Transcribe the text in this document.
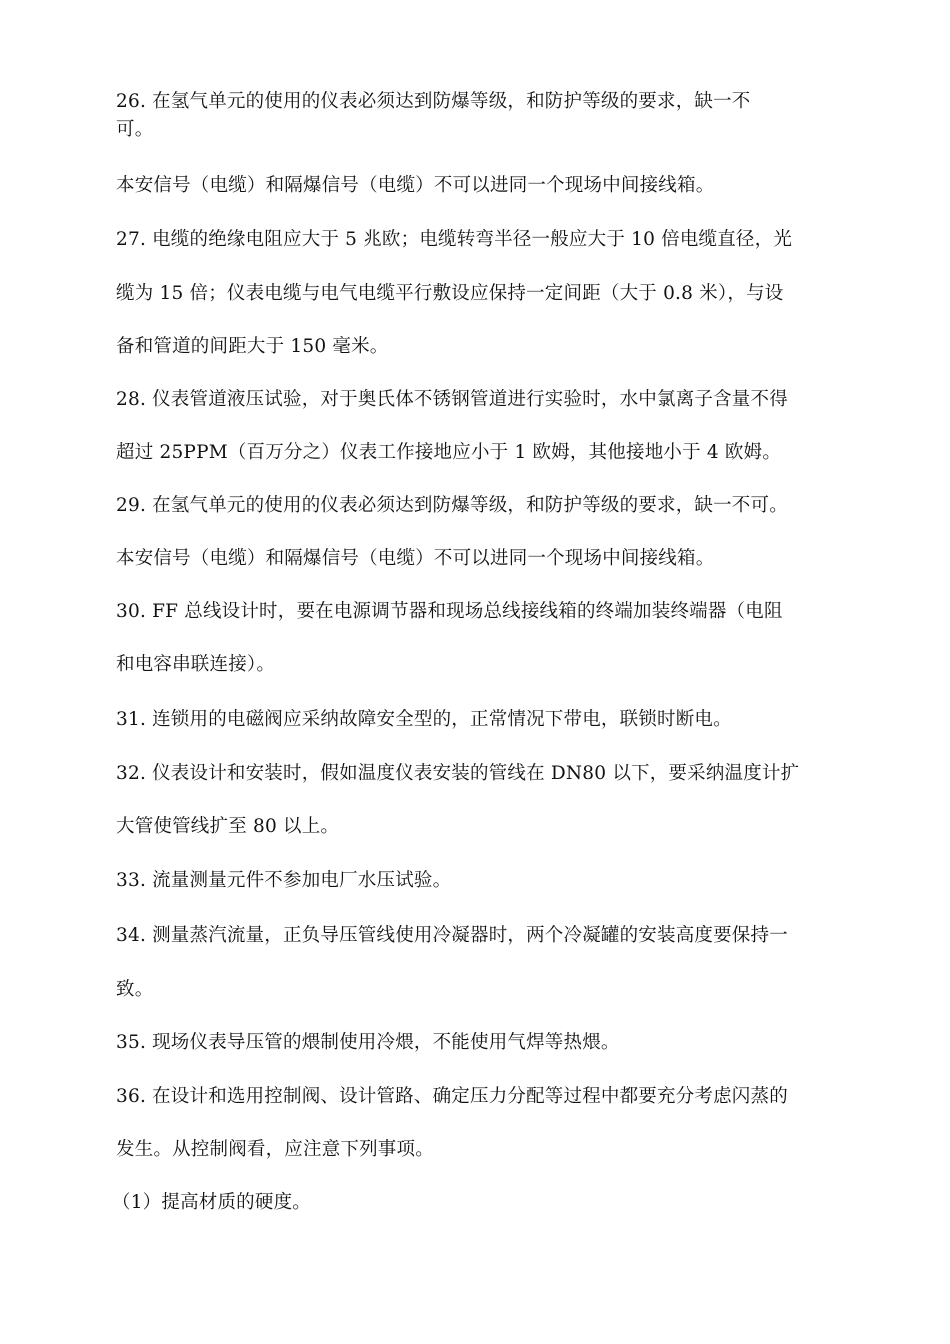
26. 在氢气单元的使用的仪表必须达到防爆等级，和防护等级的要求，缺一不
可。
本安信号（电缆）和隔爆信号（电缆）不可以进同一个现场中间接线箱。
27. 电缆的绝缘电阻应大于 5 兆欧；电缆转弯半径一般应大于 10 倍电缆直径，光
缆为 15 倍；仪表电缆与电气电缆平行敷设应保持一定间距（大于 0.8 米），与设
备和管道的间距大于 150 毫米。
28. 仪表管道液压试验，对于奥氏体不锈钢管道进行实验时，水中氯离子含量不得
超过 25PPM（百万分之）仪表工作接地应小于 1 欧姆，其他接地小于 4 欧姆。
29. 在氢气单元的使用的仪表必须达到防爆等级，和防护等级的要求，缺一不可。
本安信号（电缆）和隔爆信号（电缆）不可以进同一个现场中间接线箱。
30. FF 总线设计时，要在电源调节器和现场总线接线箱的终端加装终端器（电阻
和电容串联连接）。
31. 连锁用的电磁阀应采纳故障安全型的，正常情况下带电，联锁时断电。
32. 仪表设计和安装时，假如温度仪表安装的管线在 DN80 以下，要采纳温度计扩
大管使管线扩至 80 以上。
33. 流量测量元件不参加电厂水压试验。
34. 测量蒸汽流量，正负导压管线使用冷凝器时，两个冷凝罐的安装高度要保持一
致。
35. 现场仪表导压管的煨制使用冷煨，不能使用气焊等热煨。
36. 在设计和选用控制阀、设计管路、确定压力分配等过程中都要充分考虑闪蒸的
发生。从控制阀看，应注意下列事项。
（1）提高材质的硬度。
